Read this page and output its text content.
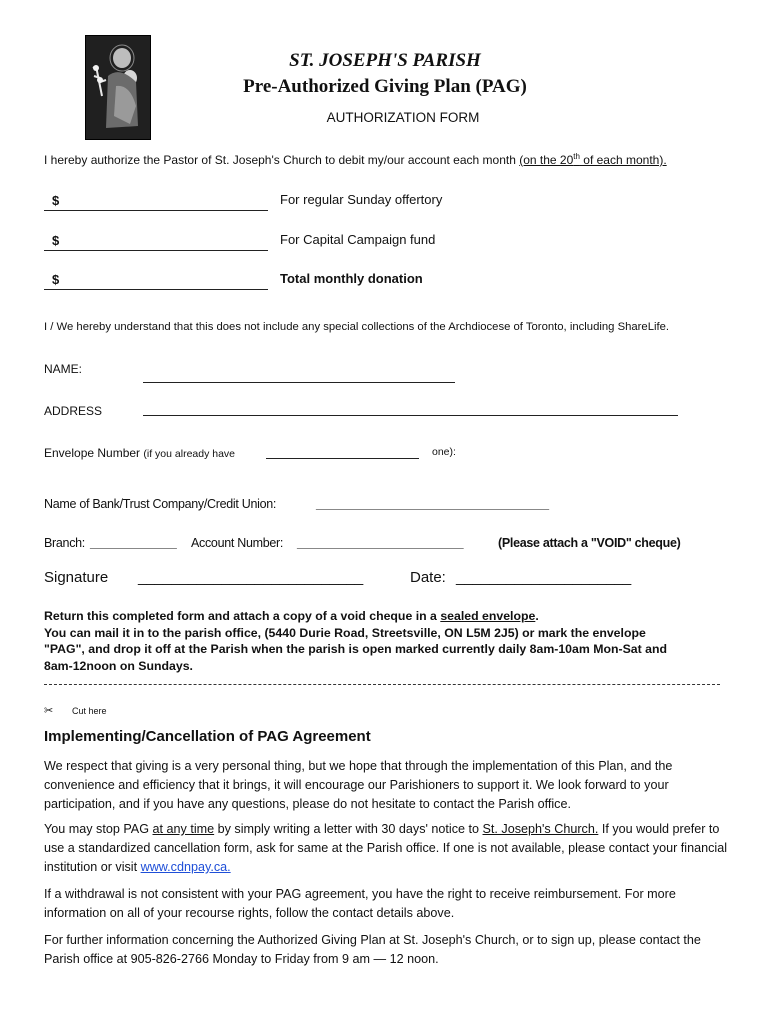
ST. JOSEPH'S PARISH
Pre-Authorized Giving Plan (PAG)
AUTHORIZATION FORM
I hereby authorize the Pastor of St. Joseph's Church to debit my/our account each month (on the 20th of each month).
$	For regular Sunday offertory
$	For Capital Campaign fund
$	Total monthly donation
I / We hereby understand that this does not include any special collections of the Archdiocese of Toronto, including ShareLife.
NAME:
ADDRESS
Envelope Number (if you already have	one):
Name of Bank/Trust Company/Credit Union:	___________________________________
Branch: _____________ Account Number: _________________________	(Please attach a "VOID" cheque)
Signature ___________________________	Date: _____________________
Return this completed form and attach a copy of a void cheque in a sealed envelope.
You can mail it in to the parish office, (5440 Durie Road, Streetsville, ON L5M 2J5) or mark the envelope
"PAG", and drop it off at the Parish when the parish is open marked currently daily 8am-10am Mon-Sat and
8am-12noon on Sundays.
✂ Cut here
Implementing/Cancellation of PAG Agreement
We respect that giving is a very personal thing, but we hope that through the implementation of this Plan, and the convenience and efficiency that it brings, it will encourage our Parishioners to support it. We look forward to your participation, and if you have any questions, please do not hesitate to contact the Parish office.
You may stop PAG at any time by simply writing a letter with 30 days' notice to St. Joseph's Church. If you would prefer to use a standardized cancellation form, ask for same at the Parish office. If one is not available, please contact your financial institution or visit www.cdnpay.ca.
If a withdrawal is not consistent with your PAG agreement, you have the right to receive reimbursement. For more information on all of your recourse rights, follow the contact details above.
For further information concerning the Authorized Giving Plan at St. Joseph's Church, or to sign up, please contact the Parish office at 905-826-2766 Monday to Friday from 9 am — 12 noon.
